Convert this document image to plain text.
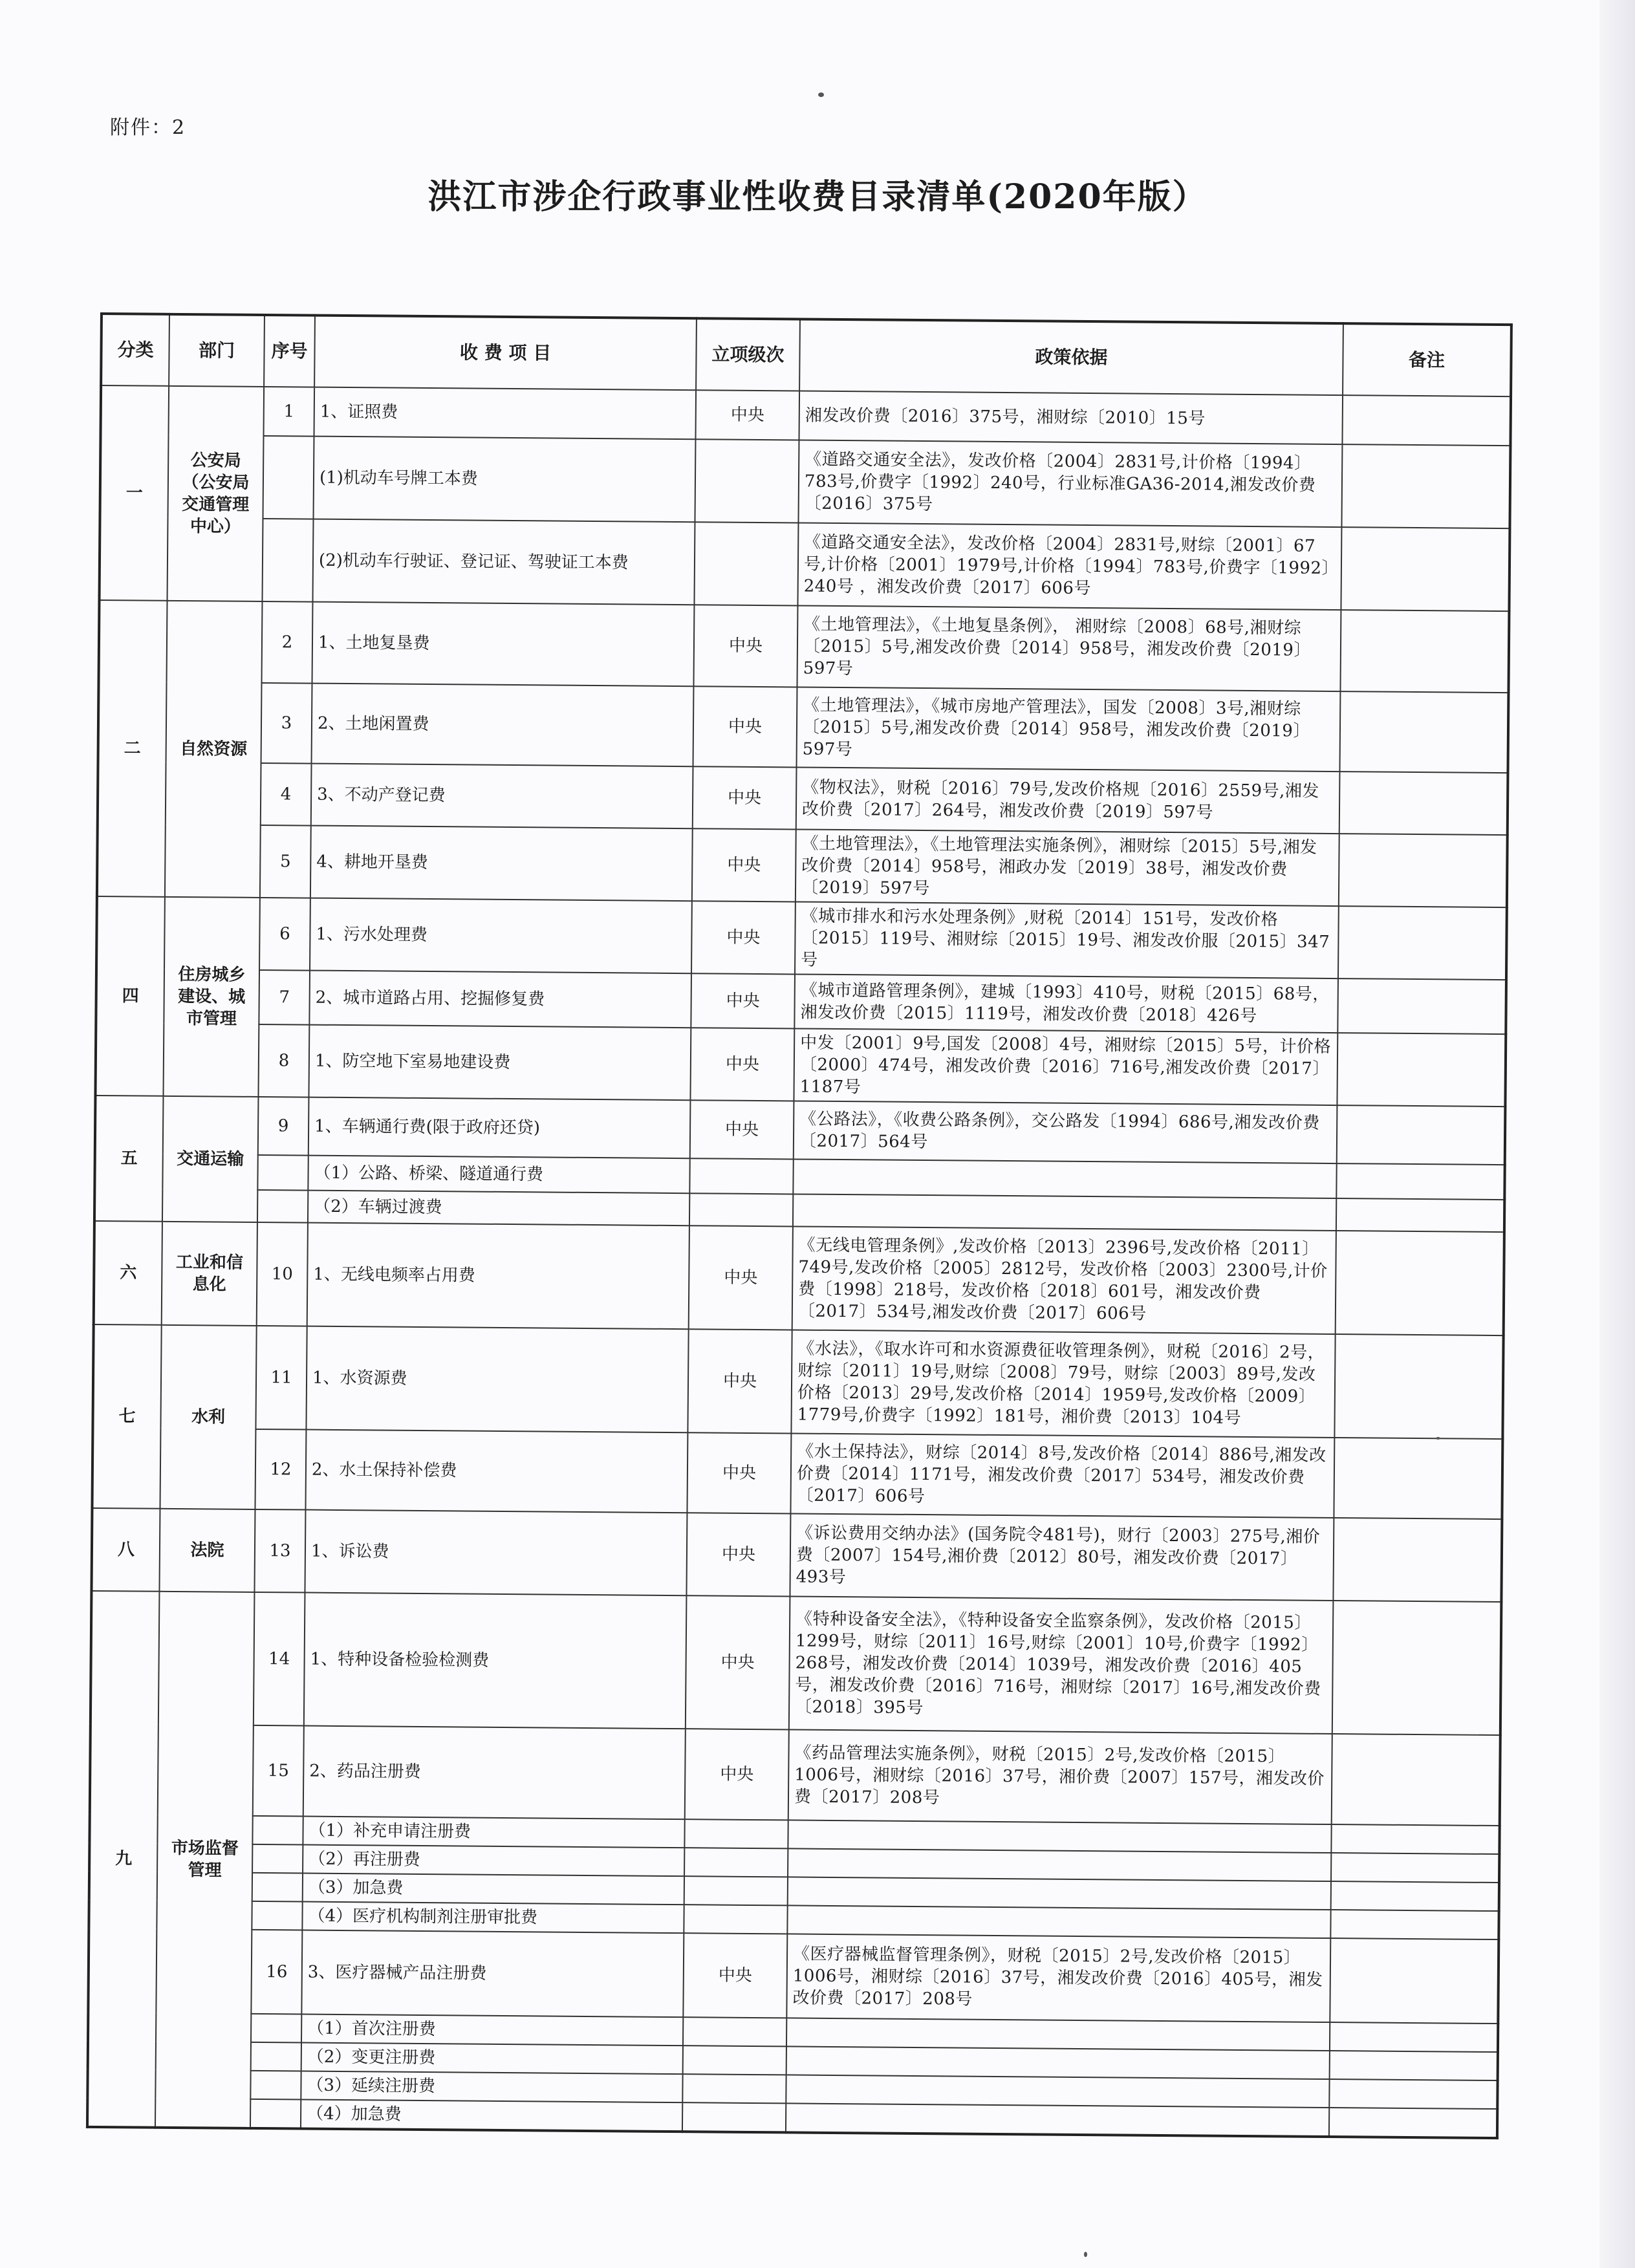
附件：2
洪江市涉企行政事业性收费目录清单(2020年版）
分类	部门	序号	收 费 项 目	立项级次	政策依据	备注
一	公安局（公安局交通管理中心）	1	1、证照费	中央	湘发改价费〔2016〕375号，湘财综〔2010〕15号	
			(1)机动车号牌工本费		《道路交通安全法》，发改价格〔2004〕2831号,计价格〔1994〕783号,价费字〔1992〕240号，行业标准GA36-2014,湘发改价费〔2016〕375号	
			(2)机动车行驶证、登记证、驾驶证工本费		《道路交通安全法》，发改价格〔2004〕2831号,财综〔2001〕67号,计价格〔2001〕1979号,计价格〔1994〕783号,价费字〔1992〕240号 ，湘发改价费〔2017〕606号	
二	自然资源	2	1、土地复垦费	中央	《土地管理法》，《土地复垦条例》， 湘财综〔2008〕68号,湘财综〔2015〕5号,湘发改价费〔2014〕958号，湘发改价费〔2019〕597号	
		3	2、土地闲置费	中央	《土地管理法》，《城市房地产管理法》，国发〔2008〕3号,湘财综〔2015〕5号,湘发改价费〔2014〕958号，湘发改价费〔2019〕597号	
		4	3、不动产登记费	中央	《物权法》，财税〔2016〕79号,发改价格规〔2016〕2559号,湘发改价费〔2017〕264号，湘发改价费〔2019〕597号	
		5	4、耕地开垦费	中央	《土地管理法》，《土地管理法实施条例》，湘财综〔2015〕5号,湘发改价费〔2014〕958号，湘政办发〔2019〕38号，湘发改价费〔2019〕597号	
四	住房城乡建设、城市管理	6	1、污水处理费	中央	《城市排水和污水处理条例》,财税〔2014〕151号，发改价格〔2015〕119号、湘财综〔2015〕19号、湘发改价服〔2015〕347号	
		7	2、城市道路占用、挖掘修复费	中央	《城市道路管理条例》，建城〔1993〕410号，财税〔2015〕68号，湘发改价费〔2015〕1119号，湘发改价费〔2018〕426号	
		8	1、防空地下室易地建设费	中央	中发〔2001〕9号,国发〔2008〕4号，湘财综〔2015〕5号，计价格〔2000〕474号，湘发改价费〔2016〕716号,湘发改价费〔2017〕1187号	
五	交通运输	9	1、车辆通行费(限于政府还贷)	中央	《公路法》，《收费公路条例》，交公路发〔1994〕686号,湘发改价费〔2017〕564号	
			（1）公路、桥梁、隧道通行费			
			（2）车辆过渡费			
六	工业和信息化	10	1、无线电频率占用费	中央	《无线电管理条例》,发改价格〔2013〕2396号,发改价格〔2011〕749号,发改价格〔2005〕2812号，发改价格〔2003〕2300号,计价费〔1998〕218号，发改价格〔2018〕601号，湘发改价费〔2017〕534号,湘发改价费〔2017〕606号	
七	水利	11	1、水资源费	中央	《水法》，《取水许可和水资源费征收管理条例》，财税〔2016〕2号，财综〔2011〕19号,财综〔2008〕79号，财综〔2003〕89号,发改价格〔2013〕29号,发改价格〔2014〕1959号,发改价格〔2009〕1779号,价费字〔1992〕181号，湘价费〔2013〕104号	
		12	2、水土保持补偿费	中央	《水土保持法》，财综〔2014〕8号,发改价格〔2014〕886号,湘发改价费〔2014〕1171号，湘发改价费〔2017〕534号，湘发改价费〔2017〕606号	
八	法院	13	1、诉讼费	中央	《诉讼费用交纳办法》(国务院令481号)，财行〔2003〕275号,湘价费〔2007〕154号,湘价费〔2012〕80号，湘发改价费〔2017〕493号	
九	市场监督管理	14	1、特种设备检验检测费	中央	《特种设备安全法》，《特种设备安全监察条例》，发改价格〔2015〕1299号，财综〔2011〕16号,财综〔2001〕10号,价费字〔1992〕268号，湘发改价费〔2014〕1039号，湘发改价费〔2016〕405号，湘发改价费〔2016〕716号，湘财综〔2017〕16号,湘发改价费〔2018〕395号	
		15	2、药品注册费	中央	《药品管理法实施条例》，财税〔2015〕2号,发改价格〔2015〕1006号，湘财综〔2016〕37号，湘价费〔2007〕157号，湘发改价费〔2017〕208号	
			（1）补充申请注册费			
			（2）再注册费			
			（3）加急费			
			（4）医疗机构制剂注册审批费			
		16	3、医疗器械产品注册费	中央	《医疗器械监督管理条例》，财税〔2015〕2号,发改价格〔2015〕1006号，湘财综〔2016〕37号，湘发改价费〔2016〕405号，湘发改价费〔2017〕208号	
			（1）首次注册费			
			（2）变更注册费			
			（3）延续注册费			
			（4）加急费			
